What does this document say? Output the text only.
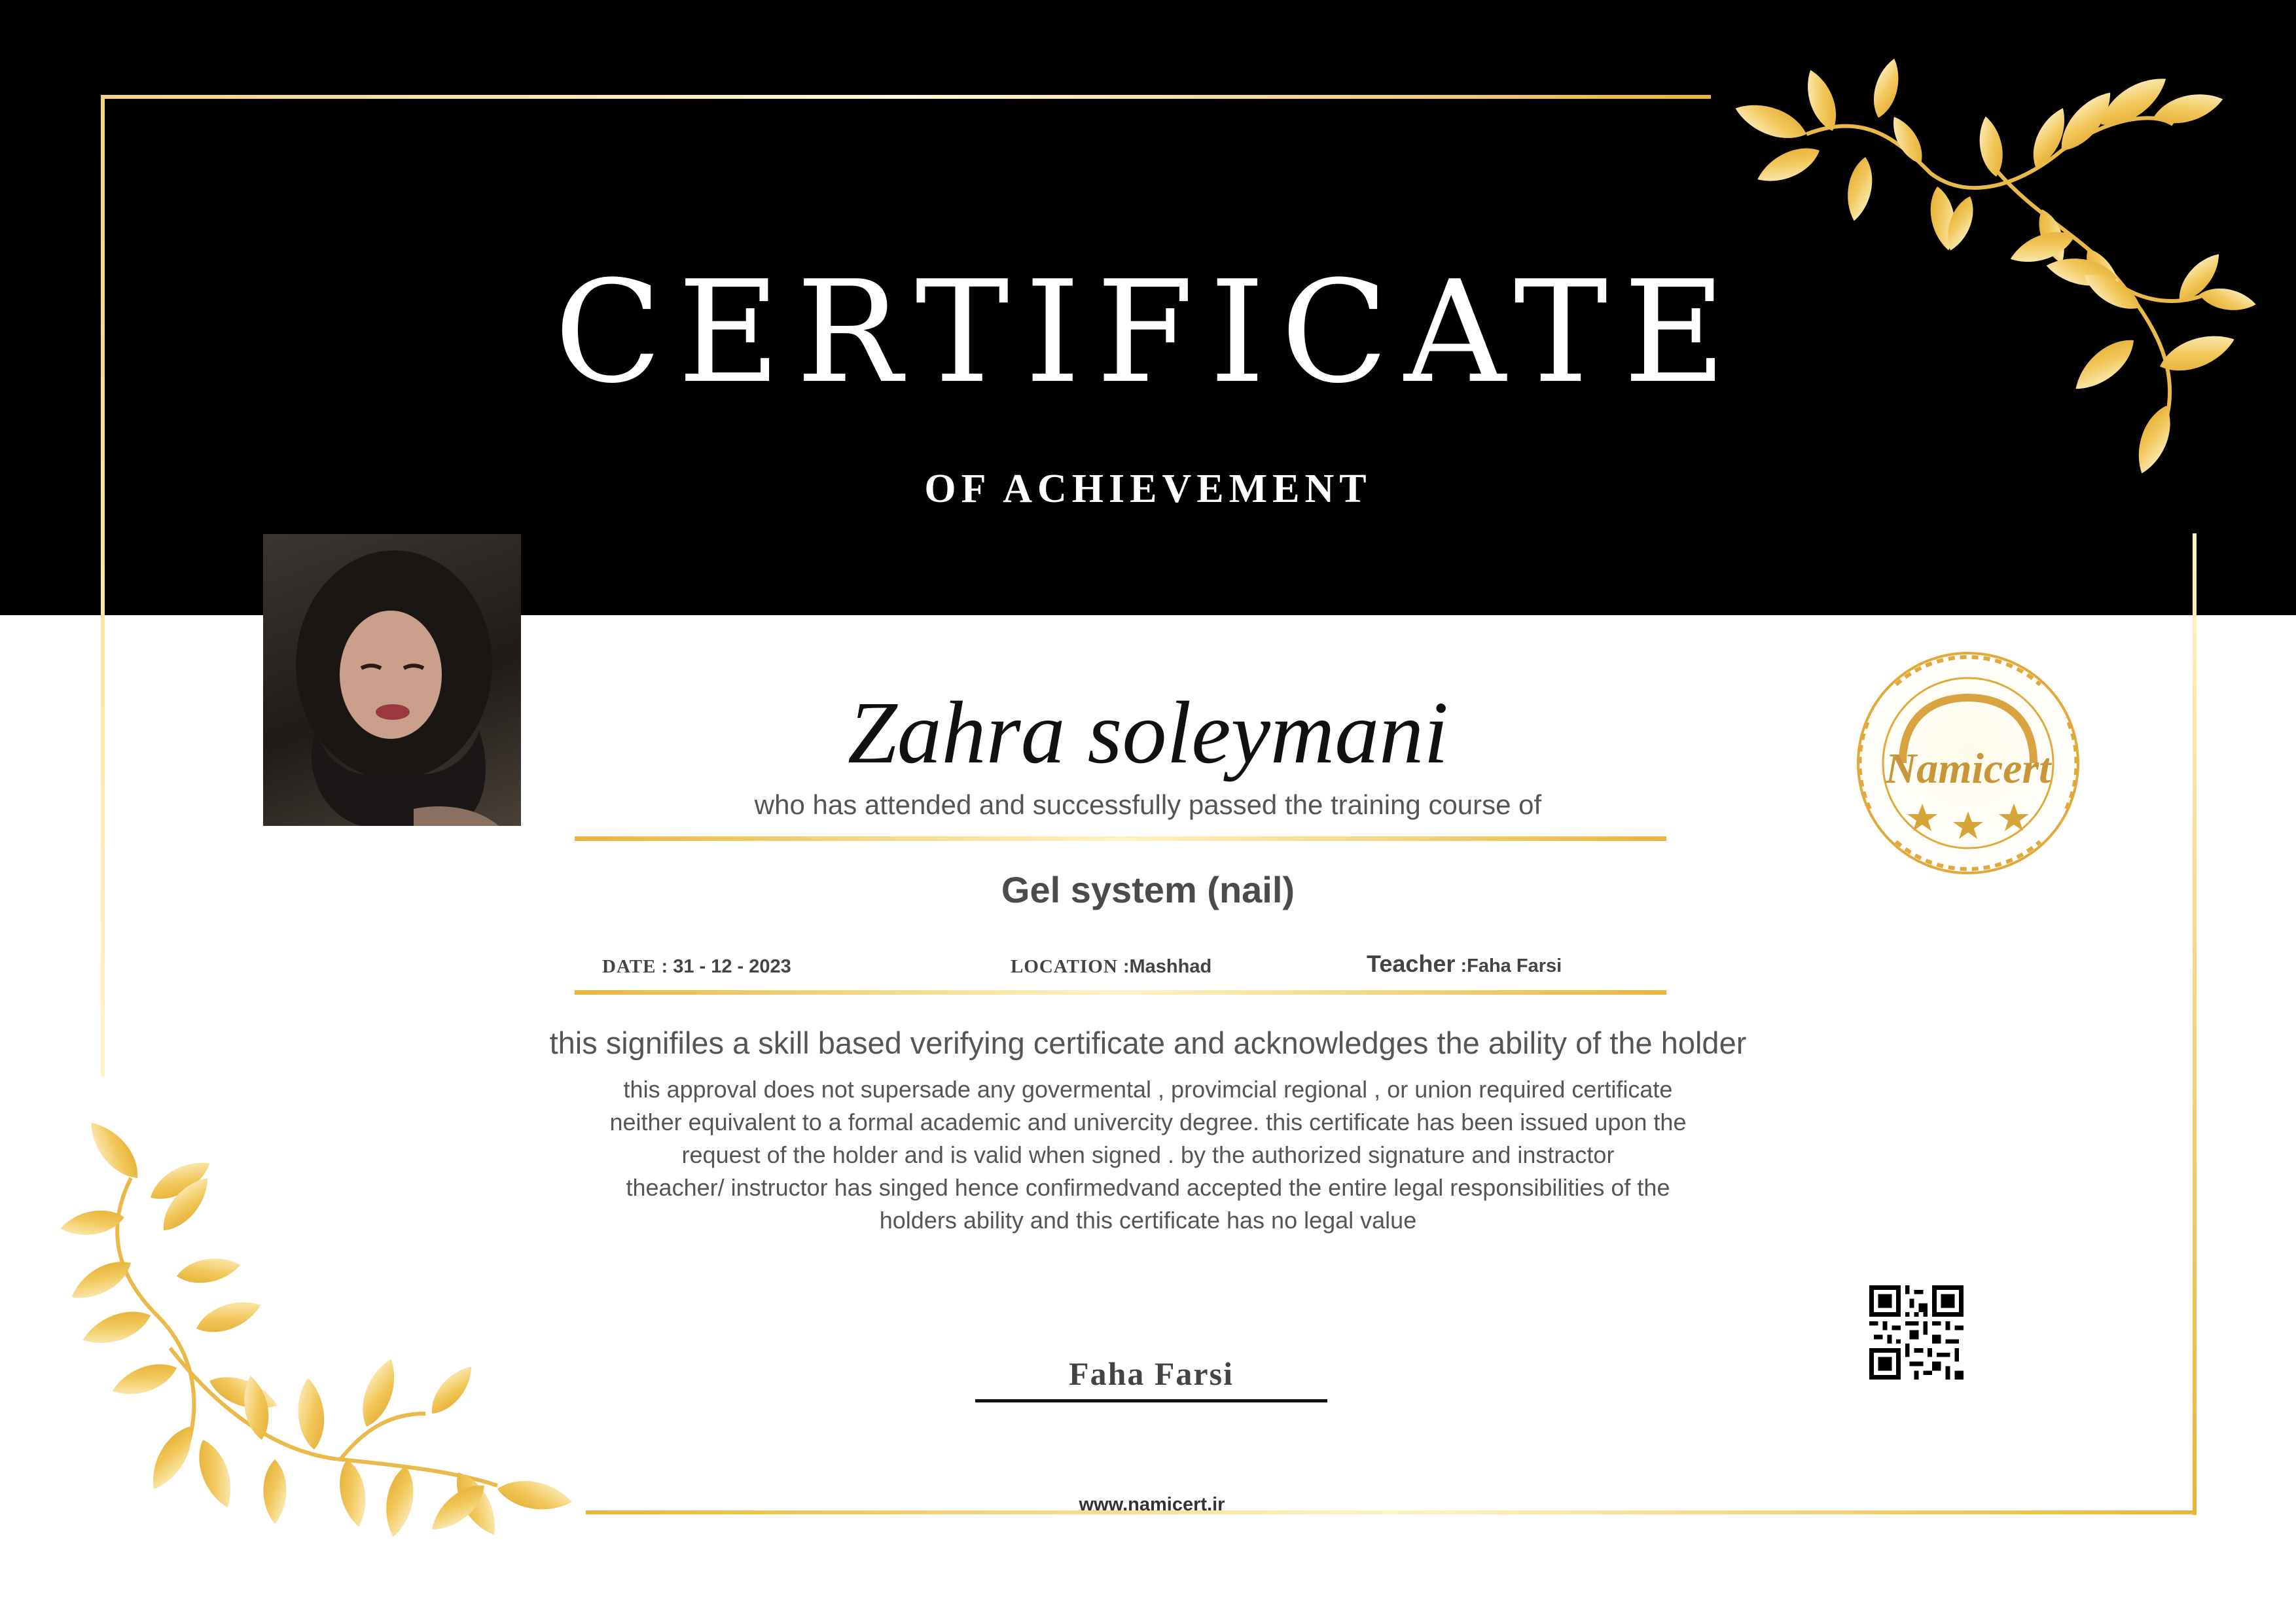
Namicert
CERTIFICATE
OF ACHIEVEMENT
Zahra soleymani
who has attended and successfully passed the training course of
Gel system (nail)
DATE : 31 - 12 - 2023	LOCATION :Mashhad	Teacher :Faha Farsi
this signifiles a skill based verifying certificate and acknowledges the ability of the holder
this approval does not supersade any govermental , provimcial regional , or union required certificate
neither equivalent to a formal academic and univercity degree. this certificate has been issued upon the
request of the holder and is valid when signed . by the authorized signature and instractor
theacher/ instructor has singed hence confirmedvand accepted the entire legal responsibilities of the
holders ability and this certificate has no legal value
Faha Farsi
www.namicert.ir
